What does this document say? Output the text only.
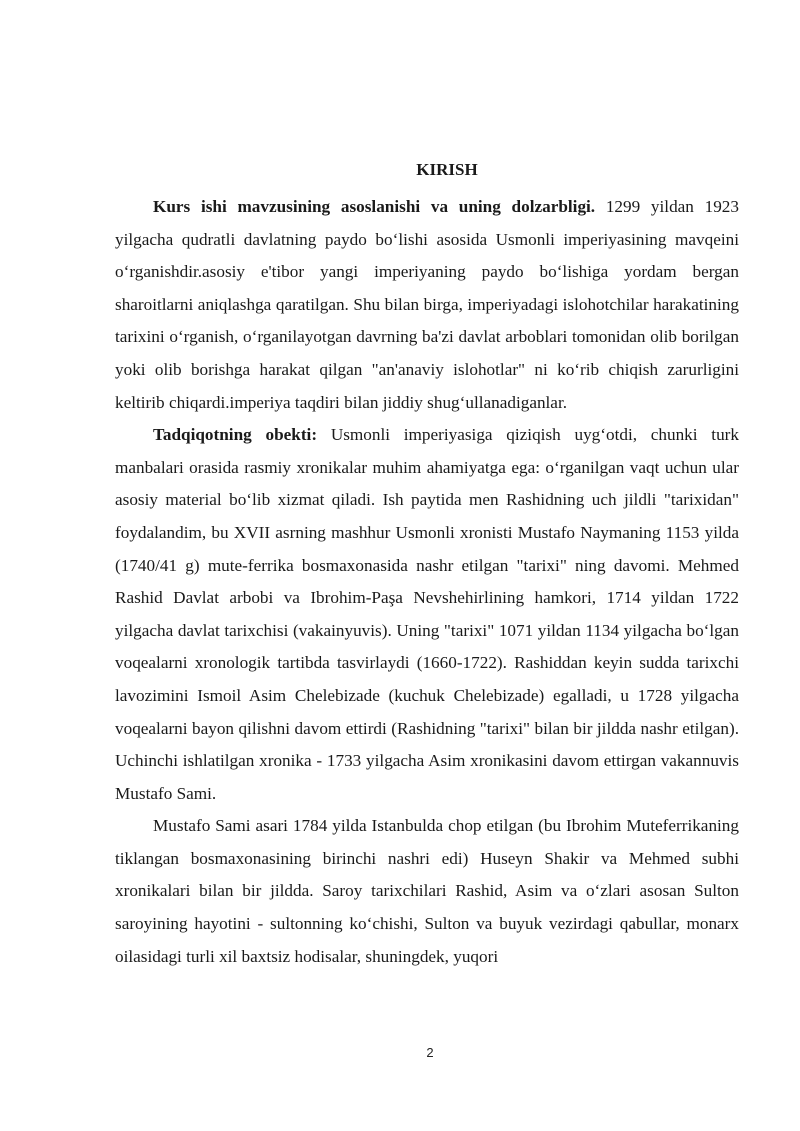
KIRISH

Kurs ishi mavzusining asoslanishi va uning dolzarbligi. 1299 yildan 1923 yilgacha qudratli davlatning paydo bo‘lishi asosida Usmonli imperiyasining mavqeini o‘rganishdir.asosiy e'tibor yangi imperiyaning paydo bo‘lishiga yordam bergan sharoitlarni aniqlashga qaratilgan. Shu bilan birga, imperiyadagi islohotchilar harakatining tarixini o‘rganish, o‘rganilayotgan davrning ba'zi davlat arboblari tomonidan olib borilgan yoki olib borishga harakat qilgan "an'anaviy islohotlar" ni ko‘rib chiqish zarurligini keltirib chiqardi.imperiya taqdiri bilan jiddiy shug‘ullanadiganlar.

Tadqiqotning obekti: Usmonli imperiyasiga qiziqish uyg‘otdi, chunki turk manbalari orasida rasmiy xronikalar muhim ahamiyatga ega: o‘rganilgan vaqt uchun ular asosiy material bo‘lib xizmat qiladi. Ish paytida men Rashidning uch jildli "tarixidan" foydalandim, bu XVII asrning mashhur Usmonli xronisti Mustafo Naymaning 1153 yilda (1740/41 g) mute-ferrika bosmaxonasida nashr etilgan "tarixi" ning davomi. Mehmed Rashid Davlat arbobi va Ibrohim-Paşa Nevshehirlining hamkori, 1714 yildan 1722 yilgacha davlat tarixchisi (vakainyuvis). Uning "tarixi" 1071 yildan 1134 yilgacha bo‘lgan voqealarni xronologik tartibda tasvirlaydi (1660-1722). Rashiddan keyin sudda tarixchi lavozimini Ismoil Asim Chelebizade (kuchuk Chelebizade) egalladi, u 1728 yilgacha voqealarni bayon qilishni davom ettirdi (Rashidning "tarixi" bilan bir jildda nashr etilgan). Uchinchi ishlatilgan xronika - 1733 yilgacha Asim xronikasini davom ettirgan vakannuvis Mustafo Sami.

Mustafo Sami asari 1784 yilda Istanbulda chop etilgan (bu Ibrohim Muteferrikaning tiklangan bosmaxonasining birinchi nashri edi) Huseyn Shakir va Mehmed subhi xronikalari bilan bir jildda. Saroy tarixchilari Rashid, Asim va o‘zlari asosan Sulton saroyining hayotini - sultonning ko‘chishi, Sulton va buyuk vezirdagi qabullar, monarx oilasidagi turli xil baxtsiz hodisalar, shuningdek, yuqori

2
